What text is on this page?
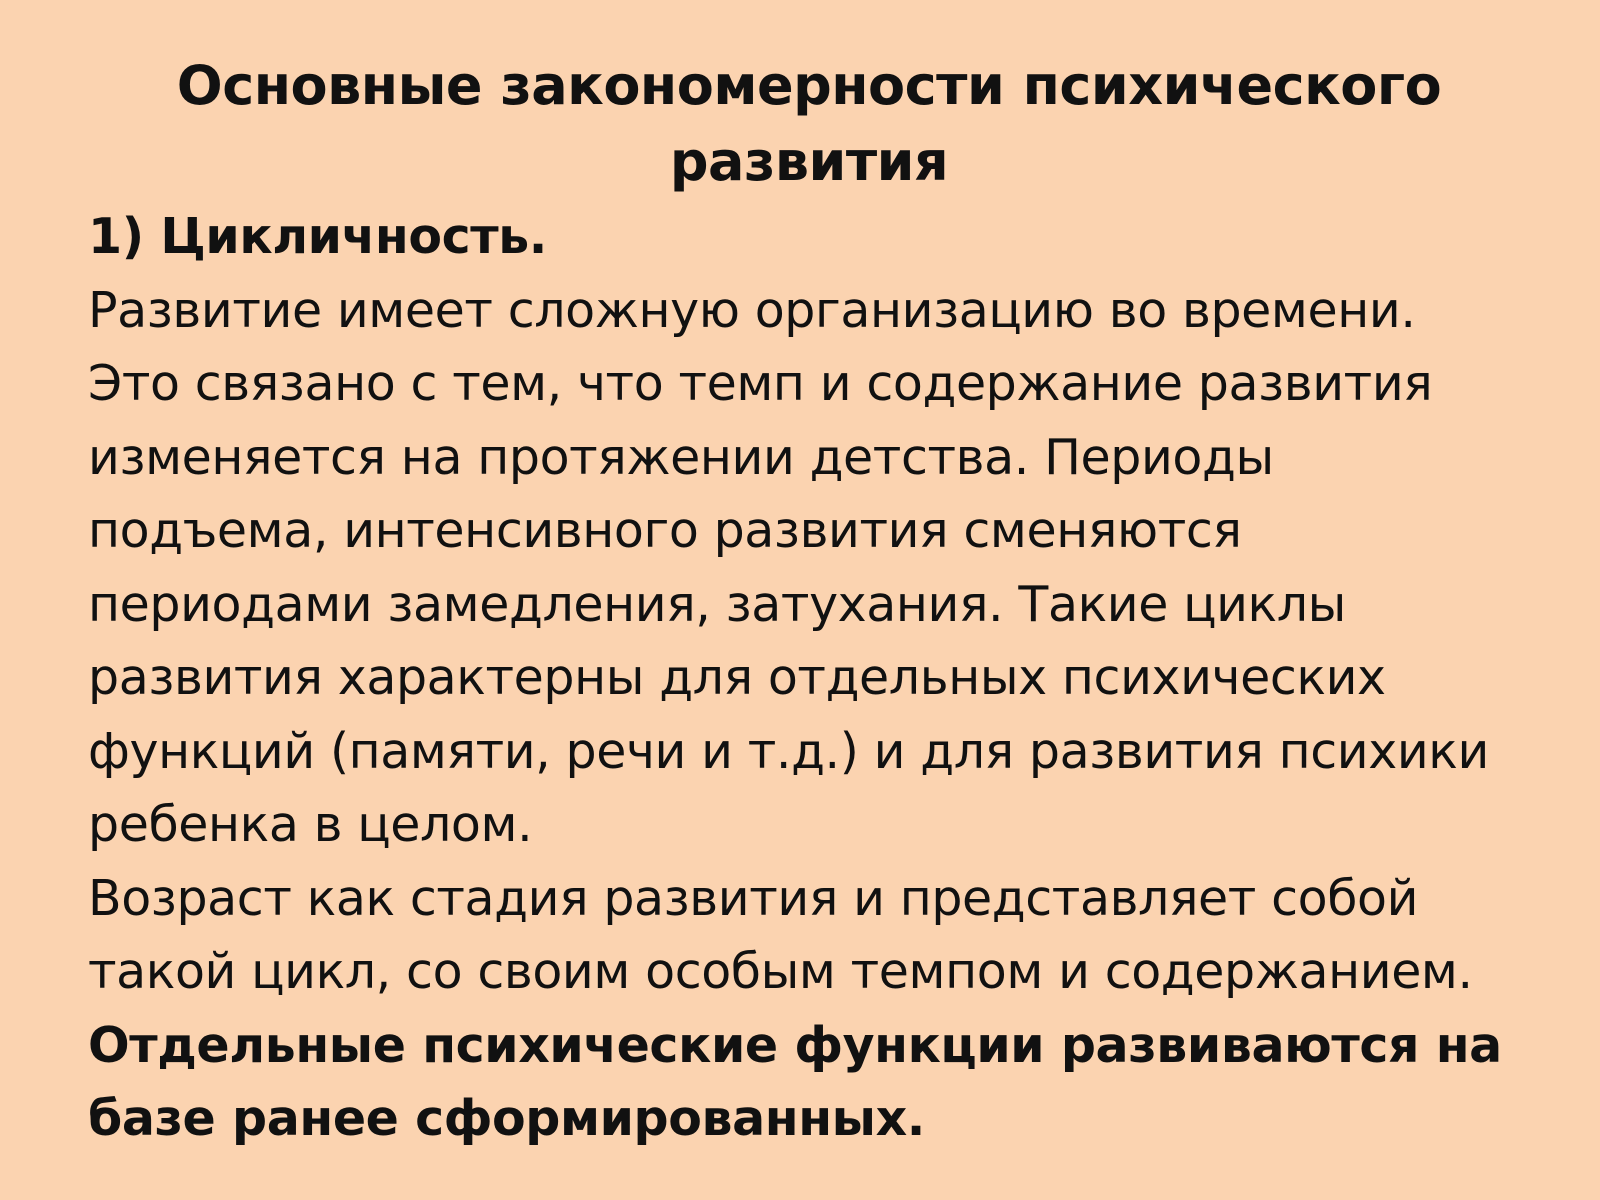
Основные закономерности психического
развития
1) Цикличность.
Развитие имеет сложную организацию во времени.
Это связано с тем, что темп и содержание развития
изменяется на протяжении детства. Периоды
подъема, интенсивного развития сменяются
периодами замедления, затухания. Такие циклы
развития характерны для отдельных психических
функций (памяти, речи и т.д.) и для развития психики
ребенка в целом.
Возраст как стадия развития и представляет собой
такой цикл, со своим особым темпом и содержанием.
Отдельные психические функции развиваются на
базе ранее сформированных.
